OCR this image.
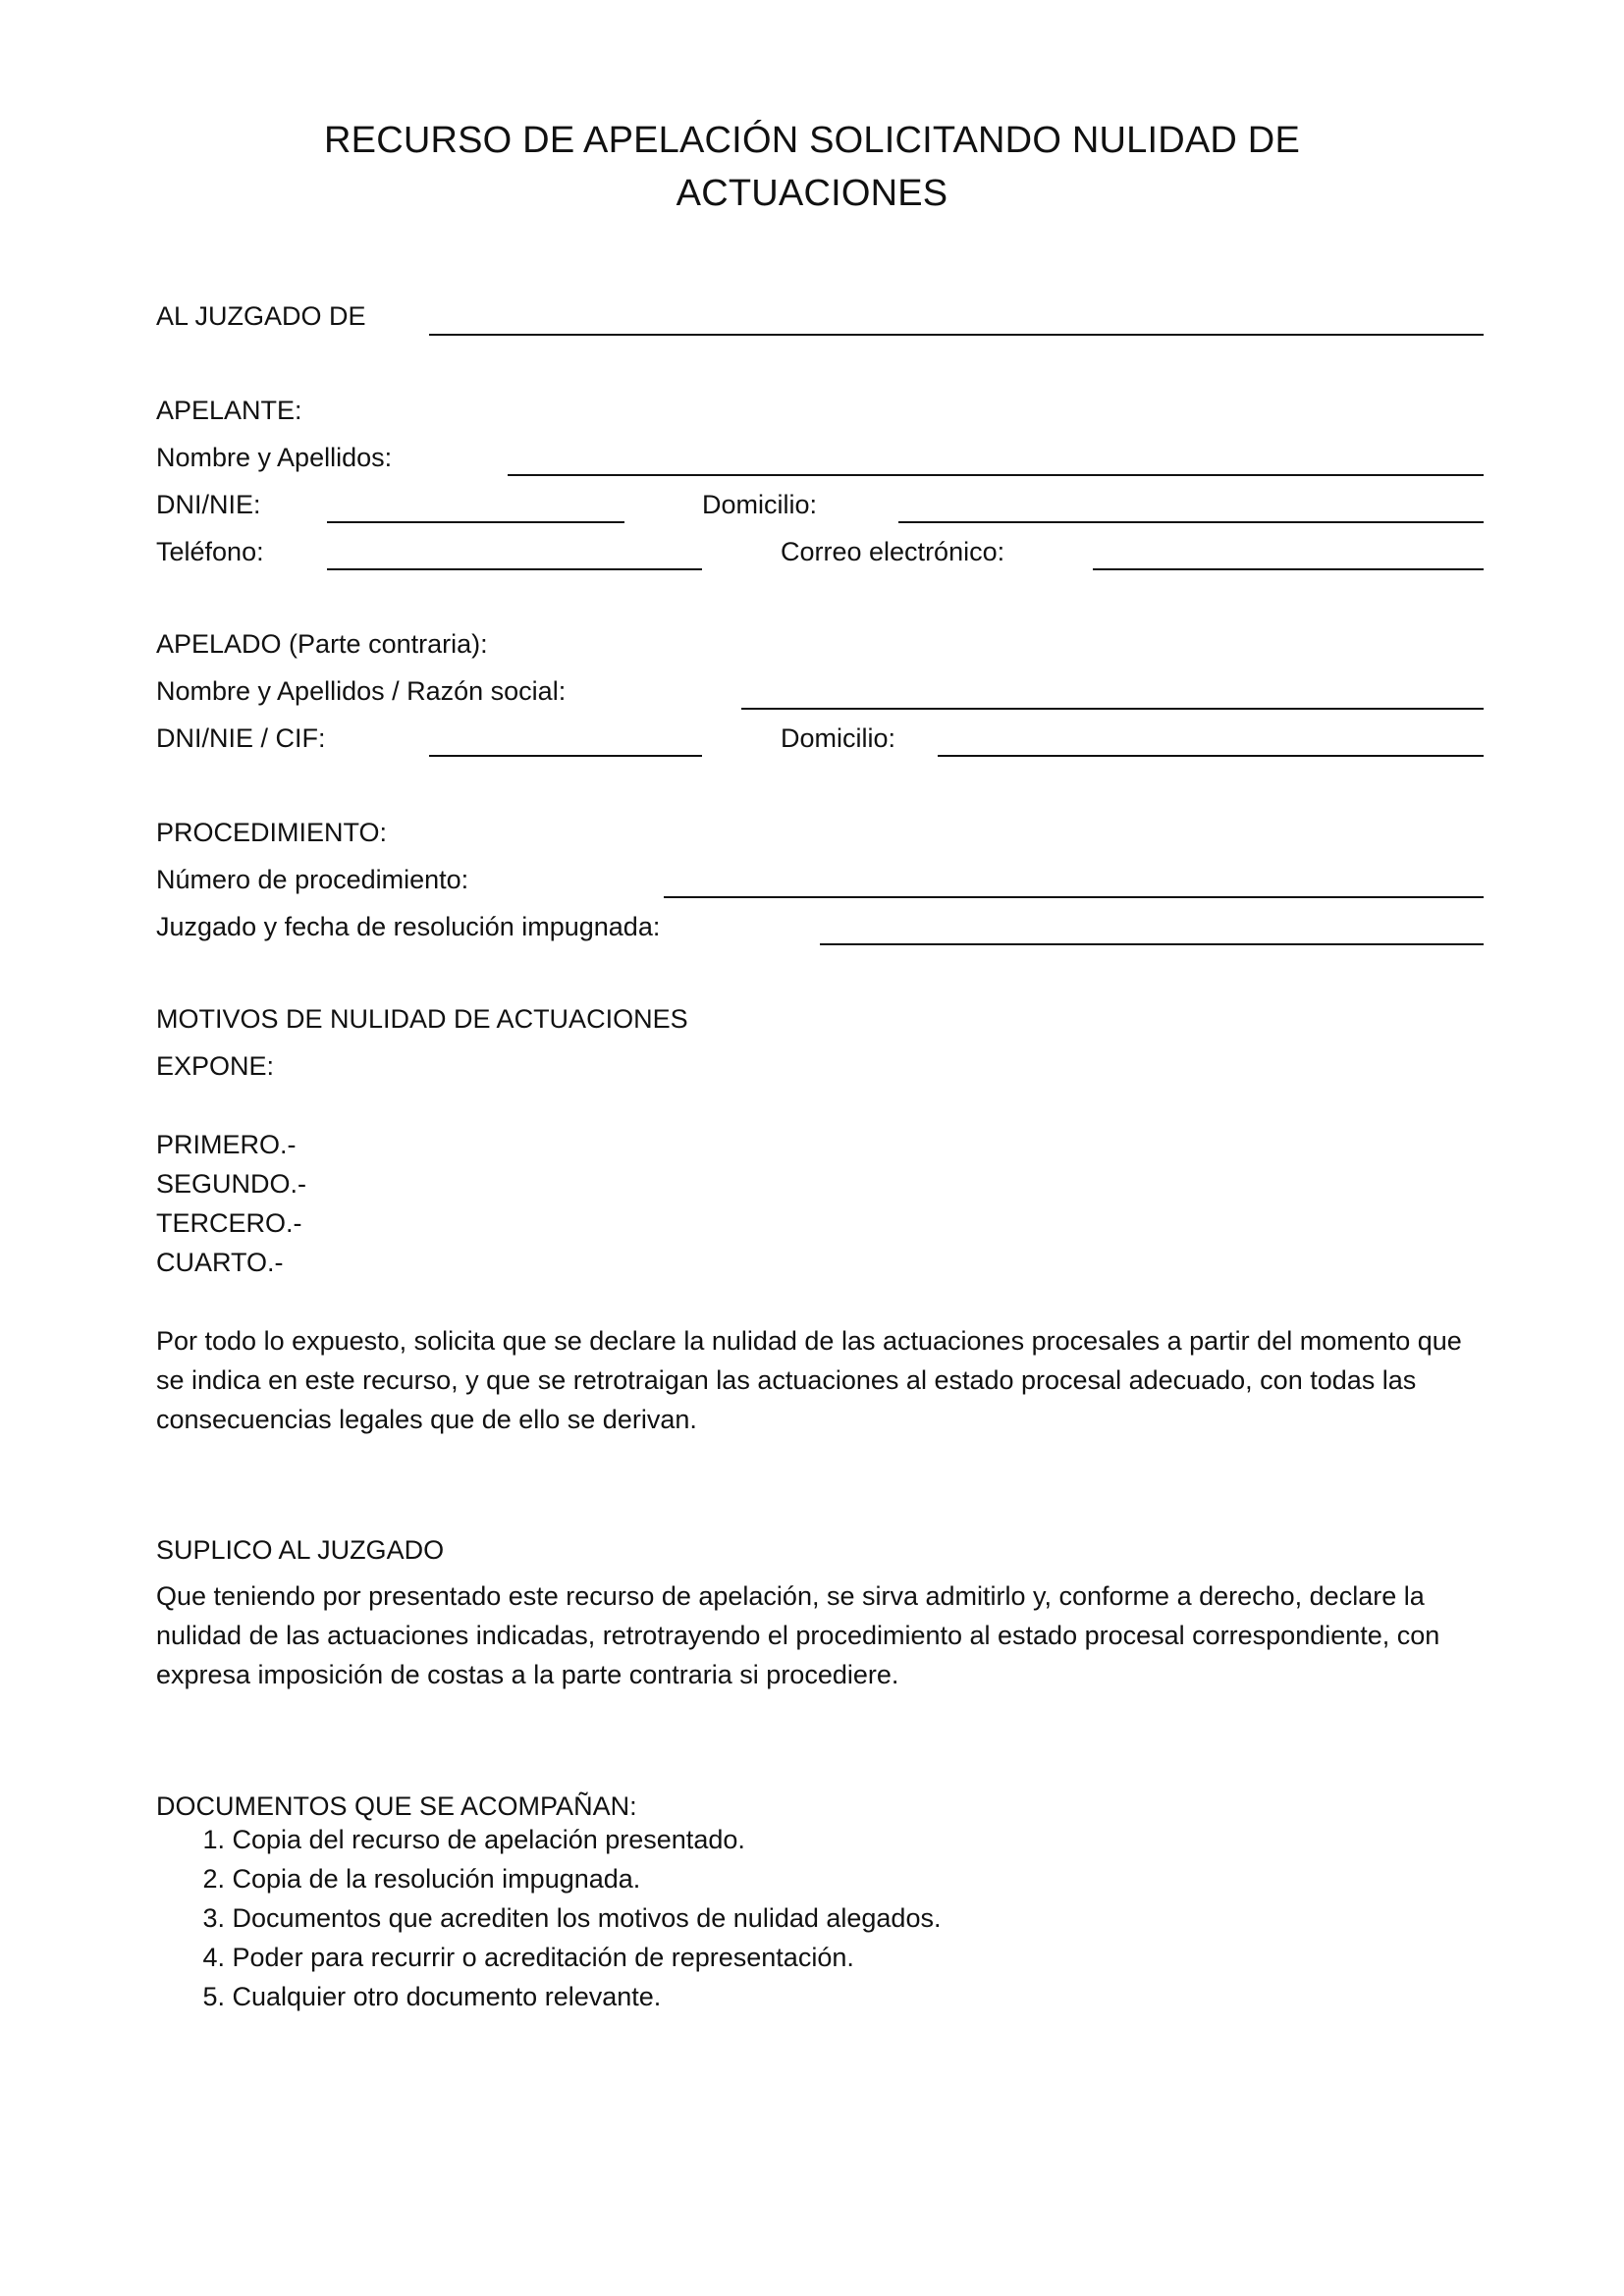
RECURSO DE APELACIÓN SOLICITANDO NULIDAD DE
ACTUACIONES
AL JUZGADO DE
APELANTE:
Nombre y Apellidos:
DNI/NIE:	Domicilio:
Teléfono:	Correo electrónico:
APELADO (Parte contraria):
Nombre y Apellidos / Razón social:
DNI/NIE / CIF:	Domicilio:
PROCEDIMIENTO:
Número de procedimiento:
Juzgado y fecha de resolución impugnada:
MOTIVOS DE NULIDAD DE ACTUACIONES
EXPONE:
PRIMERO.-
SEGUNDO.-
TERCERO.-
CUARTO.-
Por todo lo expuesto, solicita que se declare la nulidad de las actuaciones procesales a partir del momento que se indica en este recurso, y que se retrotraigan las actuaciones al estado procesal adecuado, con todas las consecuencias legales que de ello se derivan.
SUPLICO AL JUZGADO
Que teniendo por presentado este recurso de apelación, se sirva admitirlo y, conforme a derecho, declare la nulidad de las actuaciones indicadas, retrotrayendo el procedimiento al estado procesal correspondiente, con expresa imposición de costas a la parte contraria si procediere.
DOCUMENTOS QUE SE ACOMPAÑAN:
1. Copia del recurso de apelación presentado.
2. Copia de la resolución impugnada.
3. Documentos que acrediten los motivos de nulidad alegados.
4. Poder para recurrir o acreditación de representación.
5. Cualquier otro documento relevante.
